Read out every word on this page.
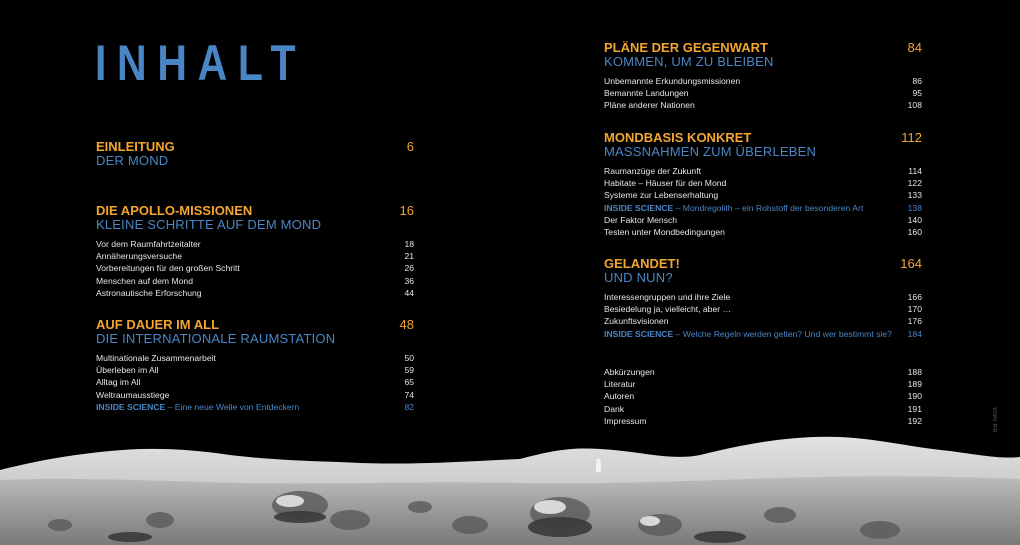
INHALT
EINLEITUNG	6
DER MOND
DIE APOLLO-MISSIONEN	16
KLEINE SCHRITTE AUF DEM MOND
Vor dem Raumfahrtzeitalter	18
Annäherungsversuche	21
Vorbereitungen für den großen Schritt	26
Menschen auf dem Mond	36
Astronautische Erforschung	44
AUF DAUER IM ALL	48
DIE INTERNATIONALE RAUMSTATION
Multinationale Zusammenarbeit	50
Überleben im All	59
Alltag im All	65
Weltraumausstiege	74
INSIDE SCIENCE – Eine neue Welle von Entdeckern	82
PLÄNE DER GEGENWART	84
KOMMEN, UM ZU BLEIBEN
Unbemannte Erkundungsmissionen	86
Bemannte Landungen	95
Pläne anderer Nationen	108
MONDBASIS KONKRET	112
MASSNAHMEN ZUM ÜBERLEBEN
Raumanzüge der Zukunft	114
Habitate – Häuser für den Mond	122
Systeme zur Lebenserhaltung	133
INSIDE SCIENCE – Mondregolith – ein Rohstoff der besonderen Art	138
Der Faktor Mensch	140
Testen unter Mondbedingungen	160
GELANDET!	164
UND NUN?
Interessengruppen und ihre Ziele	166
Besiedelung ja, vielleicht, aber …	170
Zukunftsvisionen	176
INSIDE SCIENCE – Welche Regeln werden gelten? Und wer bestimmt sie? 184
Abkürzungen	188
Literatur	189
Autoren	190
Dank	191
Impressum	192	Bild: NASA
